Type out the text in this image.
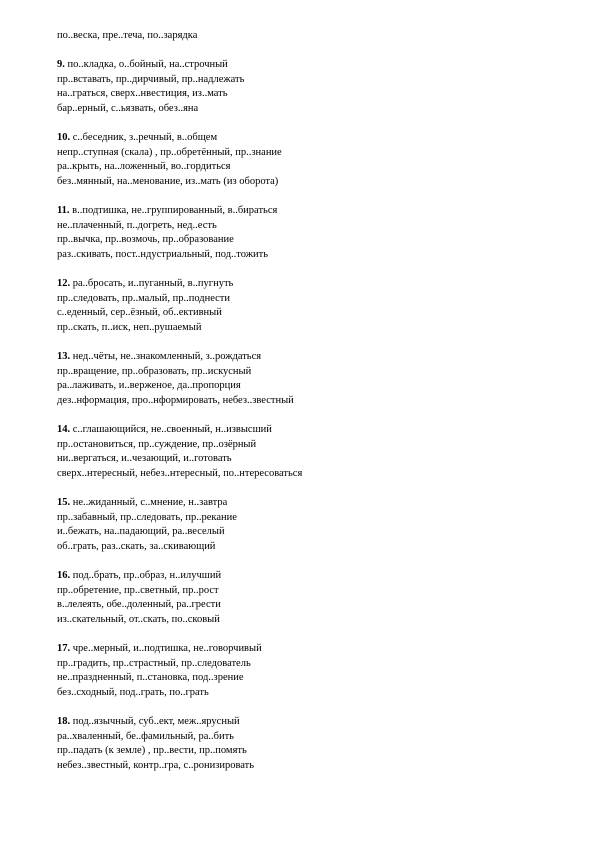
по..веска, пре..теча, по..зарядка
9. по..кладка, о..бойный, на..строчный
пр..вставать, пр..дирчивый, пр..надлежать
на..граться, сверх..нвестиция, из..мать
бар..ерный, с..ьязвать, обез..яна
10. с..беседник, з..речный, в..общем
непр..ступная (скала) , пр..обретённый, пр..знание
ра..крыть, на..ложенный, во..гордиться
без..мянный, на..менование, из..мать (из оборота)
11. в..подтишка, не..группированный, в..бираться
не..плаченный, п..догреть, нед..есть
пр..вычка, пр..возмочь, пр..образование
раз..скивать, пост..ндустриальный, под..тожить
12. ра..бросать, и..пуганный, в..пугнуть
пр..следовать, пр..малый, пр..поднести
с..еденный, сер..ёзный, об..ективный
пр..скать, п..иск, неп..рушаемый
13. нед..чёты, не..знакомленный, з..рождаться
пр..вращение, пр..образовать, пр..искусный
ра..лаживать, и..верженое, да..пропорция
дез..нформация, про..нформировать, небез..звестный
14. с..глашающийся, не..своенный, н..извысший
пр..остановиться, пр..суждение, пр..озёрный
ни..вергаться, и..чезающий, и..готовать
сверх..нтересный, небез..нтересный, по..нтересоваться
15. не..жиданный, с..мнение, н..завтра
пр..забавный, пр..следовать, пр..рекание
и..бежать, на..падающий, ра..веселый
об..грать, раз..скать, за..скивающий
16. под..брать, пр..образ, н..илучший
пр..обретение, пр..светный, пр..рост
в..лелеять, обе..доленный, ра..грести
из..скательный, от..скать, по..сковый
17. чре..мерный, и..подтишка, не..говорчивый
пр..градить, пр..страстный, пр..следователь
не..праздненный, п..становка, под..зрение
без..сходный, под..грать, по..грать
18. под..язычный, суб..ект, меж..ярусный
ра..хваленный, бе..фамильный, ра..бить
пр..падать (к земле) , пр..вести, пр..помять
небез..звестный, контр..гра, с..ронизировать
